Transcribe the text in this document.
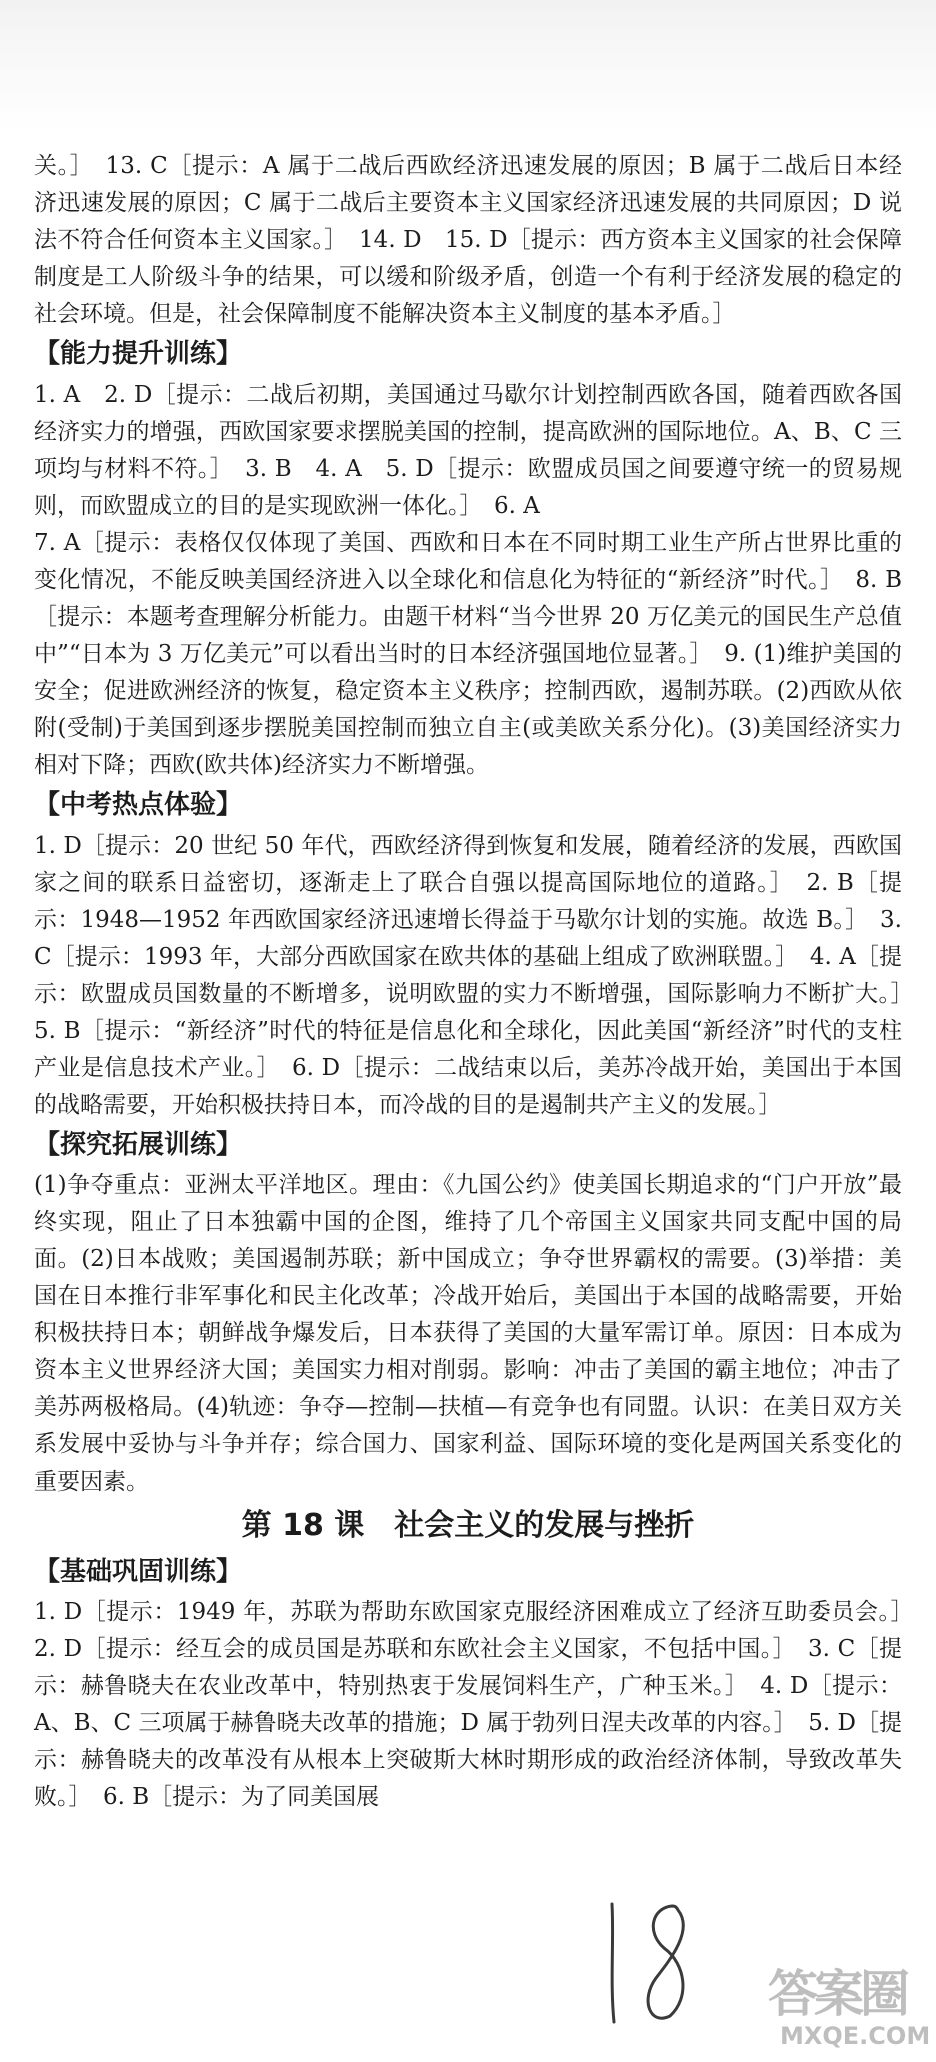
关。］　13. C［提示：A 属于二战后西欧经济迅速发展的原因；B 属于二战后日本经济迅速发展的原因；C 属于二战后主要资本主义国家经济迅速发展的共同原因；D 说法不符合任何资本主义国家。］　14. D　15. D［提示：西方资本主义国家的社会保障制度是工人阶级斗争的结果，可以缓和阶级矛盾，创造一个有利于经济发展的稳定的社会环境。但是，社会保障制度不能解决资本主义制度的基本矛盾。］

【能力提升训练】

1. A　2. D［提示：二战后初期，美国通过马歇尔计划控制西欧各国，随着西欧各国经济实力的增强，西欧国家要求摆脱美国的控制，提高欧洲的国际地位。A、B、C 三项均与材料不符。］　3. B　4. A　5. D［提示：欧盟成员国之间要遵守统一的贸易规则，而欧盟成立的目的是实现欧洲一体化。］　6. A

7. A［提示：表格仅仅体现了美国、西欧和日本在不同时期工业生产所占世界比重的变化情况，不能反映美国经济进入以全球化和信息化为特征的“新经济”时代。］　8. B［提示：本题考查理解分析能力。由题干材料“当今世界 20 万亿美元的国民生产总值中”“日本为 3 万亿美元”可以看出当时的日本经济强国地位显著。］　9. (1)维护美国的安全；促进欧洲经济的恢复，稳定资本主义秩序；控制西欧，遏制苏联。(2)西欧从依附(受制)于美国到逐步摆脱美国控制而独立自主(或美欧关系分化)。(3)美国经济实力相对下降；西欧(欧共体)经济实力不断增强。

【中考热点体验】

1. D［提示：20 世纪 50 年代，西欧经济得到恢复和发展，随着经济的发展，西欧国家之间的联系日益密切，逐渐走上了联合自强以提高国际地位的道路。］　2. B［提示：1948—1952 年西欧国家经济迅速增长得益于马歇尔计划的实施。故选 B。］　3. C［提示：1993 年，大部分西欧国家在欧共体的基础上组成了欧洲联盟。］　4. A［提示：欧盟成员国数量的不断增多，说明欧盟的实力不断增强，国际影响力不断扩大。］　5. B［提示：“新经济”时代的特征是信息化和全球化，因此美国“新经济”时代的支柱产业是信息技术产业。］　6. D［提示：二战结束以后，美苏冷战开始，美国出于本国的战略需要，开始积极扶持日本，而冷战的目的是遏制共产主义的发展。］

【探究拓展训练】

(1)争夺重点：亚洲太平洋地区。理由：《九国公约》使美国长期追求的“门户开放”最终实现，阻止了日本独霸中国的企图，维持了几个帝国主义国家共同支配中国的局面。(2)日本战败；美国遏制苏联；新中国成立；争夺世界霸权的需要。(3)举措：美国在日本推行非军事化和民主化改革；冷战开始后，美国出于本国的战略需要，开始积极扶持日本；朝鲜战争爆发后，日本获得了美国的大量军需订单。原因：日本成为资本主义世界经济大国；美国实力相对削弱。影响：冲击了美国的霸主地位；冲击了美苏两极格局。(4)轨迹：争夺—控制—扶植—有竞争也有同盟。认识：在美日双方关系发展中妥协与斗争并存；综合国力、国家利益、国际环境的变化是两国关系变化的重要因素。

第 18 课　社会主义的发展与挫折

【基础巩固训练】

1. D［提示：1949 年，苏联为帮助东欧国家克服经济困难成立了经济互助委员会。］　2. D［提示：经互会的成员国是苏联和东欧社会主义国家，不包括中国。］　3. C［提示：赫鲁晓夫在农业改革中，特别热衷于发展饲料生产，广种玉米。］　4. D［提示：A、B、C 三项属于赫鲁晓夫改革的措施；D 属于勃列日涅夫改革的内容。］　5. D［提示：赫鲁晓夫的改革没有从根本上突破斯大林时期形成的政治经济体制，导致改革失败。］　6. B［提示：为了同美国展

答案圈
MXQE.COM
